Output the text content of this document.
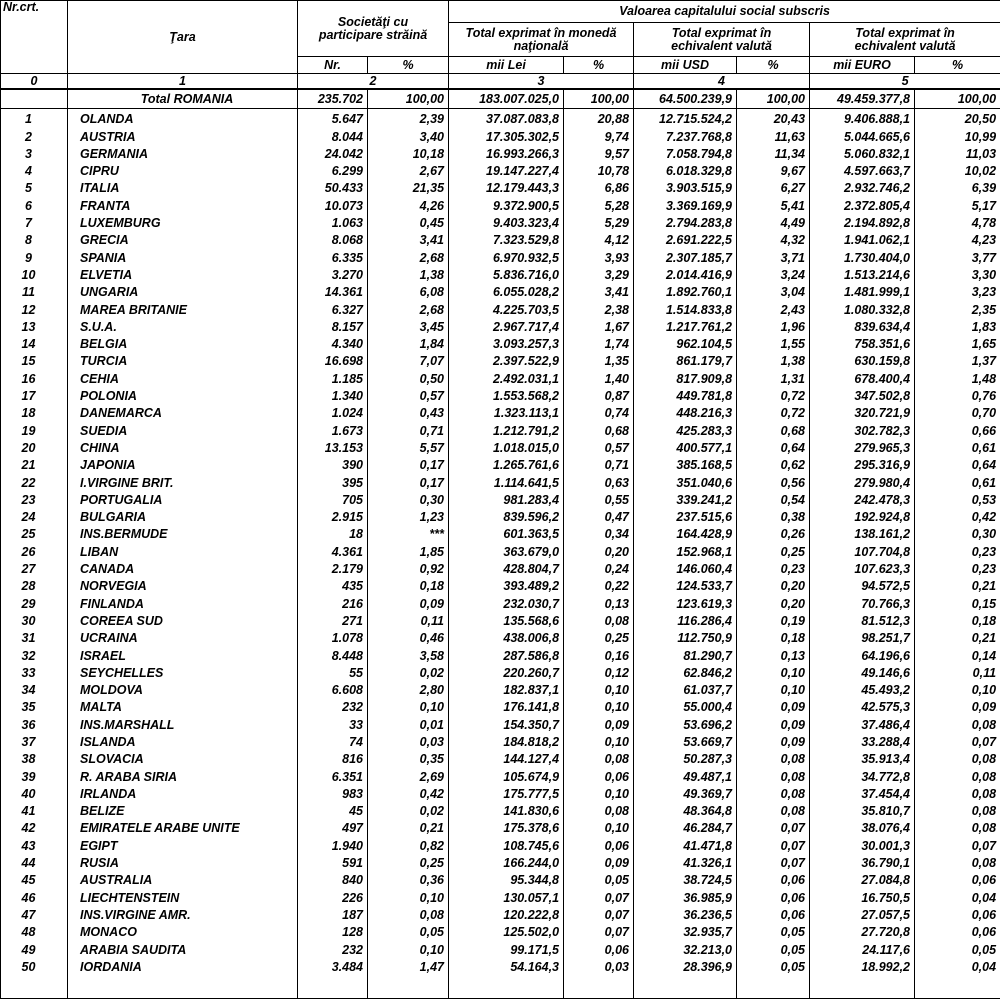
Nr.crt.	Ţara	Societăţi cu participare străină		Valoarea capitalului social subscris					
				Total exprimat în monedă naţională		Total exprimat în echivalent valută		Total exprimat în echivalent valută	
		Nr.	%	mii Lei	%	mii USD	%	mii EURO	%
0	1	2		3		4		5	
	Total ROMANIA	235.702	100,00	183.007.025,0	100,00	64.500.239,9	100,00	49.459.377,8	100,00
1	OLANDA	5.647	2,39	37.087.083,8	20,88	12.715.524,2	20,43	9.406.888,1	20,50
2	AUSTRIA	8.044	3,40	17.305.302,5	9,74	7.237.768,8	11,63	5.044.665,6	10,99
3	GERMANIA	24.042	10,18	16.993.266,3	9,57	7.058.794,8	11,34	5.060.832,1	11,03
4	CIPRU	6.299	2,67	19.147.227,4	10,78	6.018.329,8	9,67	4.597.663,7	10,02
5	ITALIA	50.433	21,35	12.179.443,3	6,86	3.903.515,9	6,27	2.932.746,2	6,39
6	FRANTA	10.073	4,26	9.372.900,5	5,28	3.369.169,9	5,41	2.372.805,4	5,17
7	LUXEMBURG	1.063	0,45	9.403.323,4	5,29	2.794.283,8	4,49	2.194.892,8	4,78
8	GRECIA	8.068	3,41	7.323.529,8	4,12	2.691.222,5	4,32	1.941.062,1	4,23
9	SPANIA	6.335	2,68	6.970.932,5	3,93	2.307.185,7	3,71	1.730.404,0	3,77
10	ELVETIA	3.270	1,38	5.836.716,0	3,29	2.014.416,9	3,24	1.513.214,6	3,30
11	UNGARIA	14.361	6,08	6.055.028,2	3,41	1.892.760,1	3,04	1.481.999,1	3,23
12	MAREA BRITANIE	6.327	2,68	4.225.703,5	2,38	1.514.833,8	2,43	1.080.332,8	2,35
13	S.U.A.	8.157	3,45	2.967.717,4	1,67	1.217.761,2	1,96	839.634,4	1,83
14	BELGIA	4.340	1,84	3.093.257,3	1,74	962.104,5	1,55	758.351,6	1,65
15	TURCIA	16.698	7,07	2.397.522,9	1,35	861.179,7	1,38	630.159,8	1,37
16	CEHIA	1.185	0,50	2.492.031,1	1,40	817.909,8	1,31	678.400,4	1,48
17	POLONIA	1.340	0,57	1.553.568,2	0,87	449.781,8	0,72	347.502,8	0,76
18	DANEMARCA	1.024	0,43	1.323.113,1	0,74	448.216,3	0,72	320.721,9	0,70
19	SUEDIA	1.673	0,71	1.212.791,2	0,68	425.283,3	0,68	302.782,3	0,66
20	CHINA	13.153	5,57	1.018.015,0	0,57	400.577,1	0,64	279.965,3	0,61
21	JAPONIA	390	0,17	1.265.761,6	0,71	385.168,5	0,62	295.316,9	0,64
22	I.VIRGINE BRIT.	395	0,17	1.114.641,5	0,63	351.040,6	0,56	279.980,4	0,61
23	PORTUGALIA	705	0,30	981.283,4	0,55	339.241,2	0,54	242.478,3	0,53
24	BULGARIA	2.915	1,23	839.596,2	0,47	237.515,6	0,38	192.924,8	0,42
25	INS.BERMUDE	18	***	601.363,5	0,34	164.428,9	0,26	138.161,2	0,30
26	LIBAN	4.361	1,85	363.679,0	0,20	152.968,1	0,25	107.704,8	0,23
27	CANADA	2.179	0,92	428.804,7	0,24	146.060,4	0,23	107.623,3	0,23
28	NORVEGIA	435	0,18	393.489,2	0,22	124.533,7	0,20	94.572,5	0,21
29	FINLANDA	216	0,09	232.030,7	0,13	123.619,3	0,20	70.766,3	0,15
30	COREEA SUD	271	0,11	135.568,6	0,08	116.286,4	0,19	81.512,3	0,18
31	UCRAINA	1.078	0,46	438.006,8	0,25	112.750,9	0,18	98.251,7	0,21
32	ISRAEL	8.448	3,58	287.586,8	0,16	81.290,7	0,13	64.196,6	0,14
33	SEYCHELLES	55	0,02	220.260,7	0,12	62.846,2	0,10	49.146,6	0,11
34	MOLDOVA	6.608	2,80	182.837,1	0,10	61.037,7	0,10	45.493,2	0,10
35	MALTA	232	0,10	176.141,8	0,10	55.000,4	0,09	42.575,3	0,09
36	INS.MARSHALL	33	0,01	154.350,7	0,09	53.696,2	0,09	37.486,4	0,08
37	ISLANDA	74	0,03	184.818,2	0,10	53.669,7	0,09	33.288,4	0,07
38	SLOVACIA	816	0,35	144.127,4	0,08	50.287,3	0,08	35.913,4	0,08
39	R. ARABA SIRIA	6.351	2,69	105.674,9	0,06	49.487,1	0,08	34.772,8	0,08
40	IRLANDA	983	0,42	175.777,5	0,10	49.369,7	0,08	37.454,4	0,08
41	BELIZE	45	0,02	141.830,6	0,08	48.364,8	0,08	35.810,7	0,08
42	EMIRATELE ARABE UNITE	497	0,21	175.378,6	0,10	46.284,7	0,07	38.076,4	0,08
43	EGIPT	1.940	0,82	108.745,6	0,06	41.471,8	0,07	30.001,3	0,07
44	RUSIA	591	0,25	166.244,0	0,09	41.326,1	0,07	36.790,1	0,08
45	AUSTRALIA	840	0,36	95.344,8	0,05	38.724,5	0,06	27.084,8	0,06
46	LIECHTENSTEIN	226	0,10	130.057,1	0,07	36.985,9	0,06	16.750,5	0,04
47	INS.VIRGINE AMR.	187	0,08	120.222,8	0,07	36.236,5	0,06	27.057,5	0,06
48	MONACO	128	0,05	125.502,0	0,07	32.935,7	0,05	27.720,8	0,06
49	ARABIA SAUDITA	232	0,10	99.171,5	0,06	32.213,0	0,05	24.117,6	0,05
50	IORDANIA	3.484	1,47	54.164,3	0,03	28.396,9	0,05	18.992,2	0,04
